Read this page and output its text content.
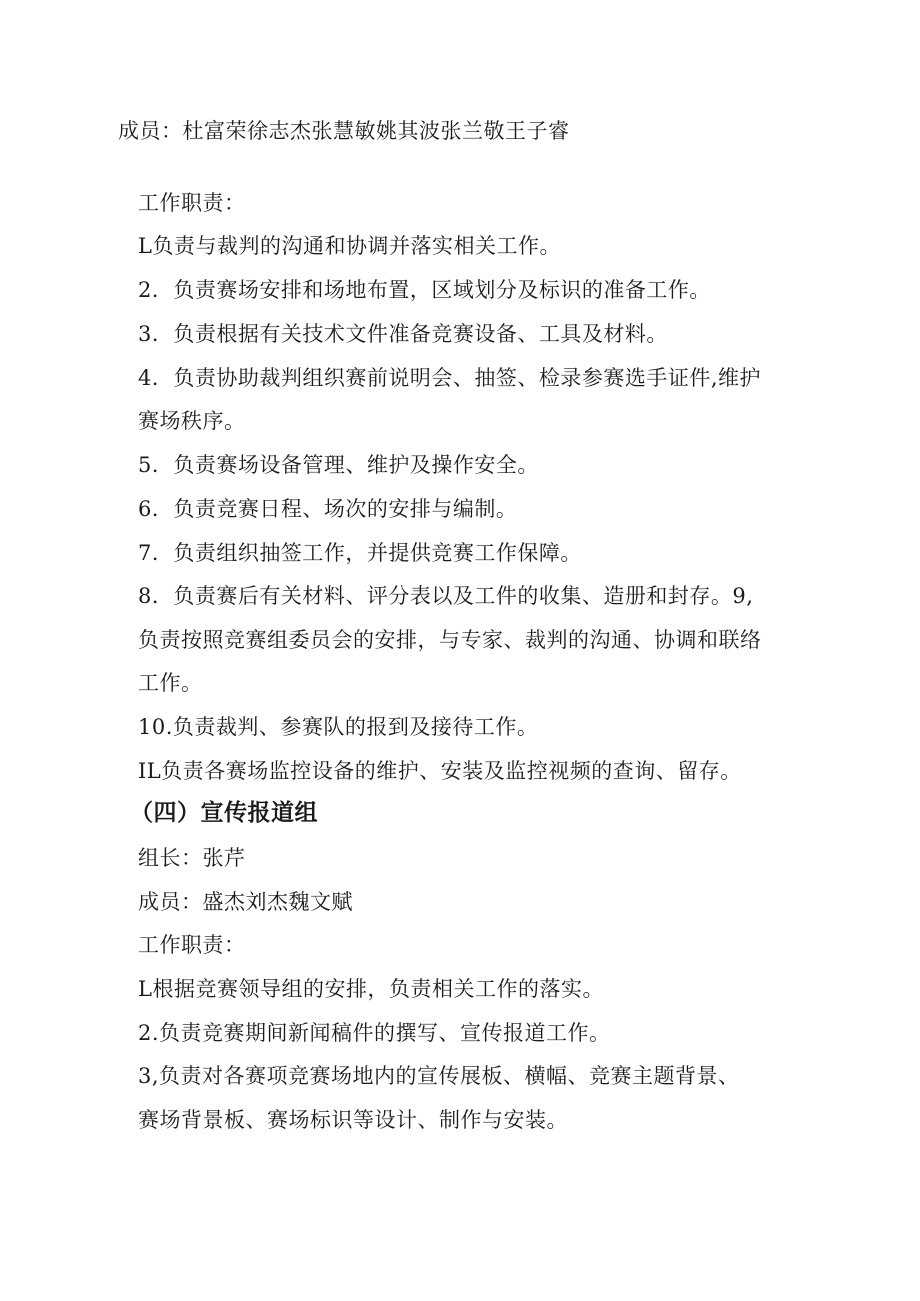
成员：杜富荣徐志杰张慧敏姚其波张兰敬王子睿
工作职责：
L负责与裁判的沟通和协调并落实相关工作。
2．负责赛场安排和场地布置，区域划分及标识的准备工作。
3．负责根据有关技术文件准备竞赛设备、工具及材料。
4．负责协助裁判组织赛前说明会、抽签、检录参赛选手证件,维护
赛场秩序。
5．负责赛场设备管理、维护及操作安全。
6．负责竞赛日程、场次的安排与编制。
7．负责组织抽签工作，并提供竞赛工作保障。
8．负责赛后有关材料、评分表以及工件的收集、造册和封存。9,
负责按照竞赛组委员会的安排，与专家、裁判的沟通、协调和联络
工作。
10.负责裁判、参赛队的报到及接待工作。
IL负责各赛场监控设备的维护、安装及监控视频的查询、留存。
（四）宣传报道组
组长：张芹
成员：盛杰刘杰魏文赋
工作职责：
L根据竞赛领导组的安排，负责相关工作的落实。
2.负责竞赛期间新闻稿件的撰写、宣传报道工作。
3,负责对各赛项竞赛场地内的宣传展板、横幅、竞赛主题背景、
赛场背景板、赛场标识等设计、制作与安装。
